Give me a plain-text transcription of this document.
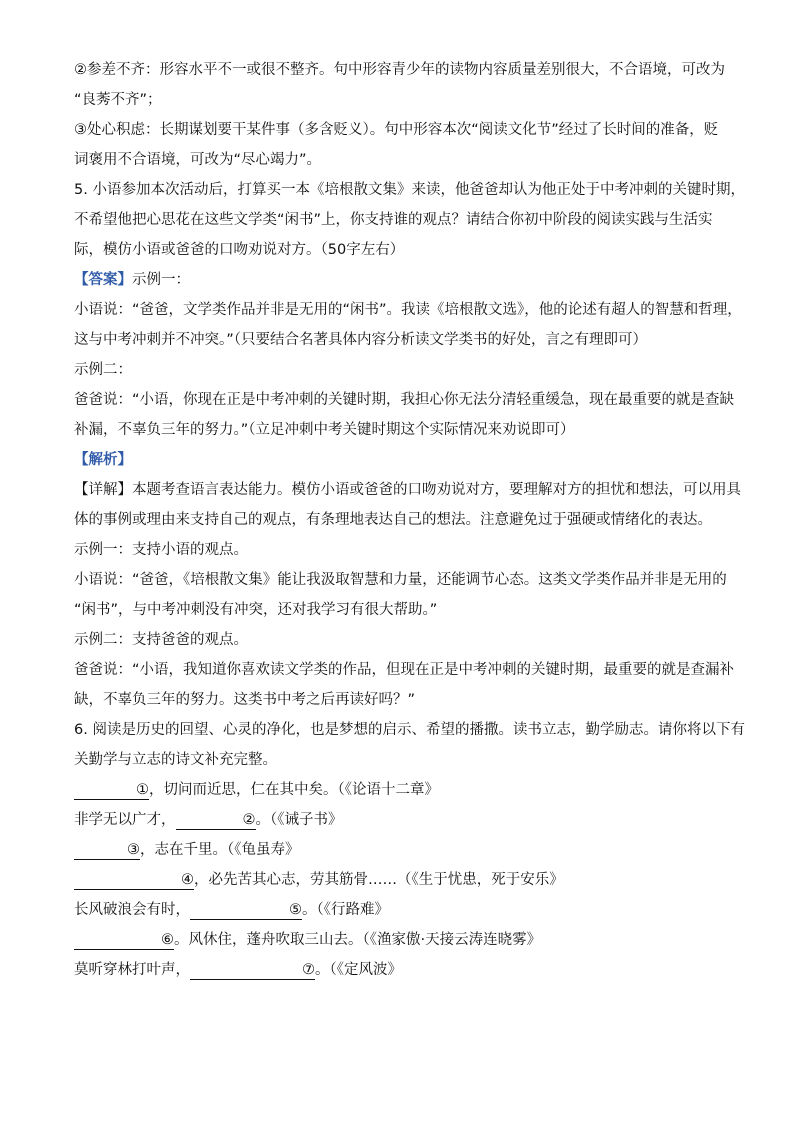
②参差不齐：形容水平不一或很不整齐。句中形容青少年的读物内容质量差别很大，不合语境，可改为
“良莠不齐”；
③处心积虑：长期谋划要干某件事（多含贬义）。句中形容本次“阅读文化节”经过了长时间的准备，贬
词褒用不合语境，可改为“尽心竭力”。
5. 小语参加本次活动后，打算买一本《培根散文集》来读，他爸爸却认为他正处于中考冲刺的关键时期，
不希望他把心思花在这些文学类“闲书”上，你支持谁的观点？请结合你初中阶段的阅读实践与生活实
际，模仿小语或爸爸的口吻劝说对方。（50字左右）
【答案】示例一：
小语说：“爸爸，文学类作品并非是无用的“闲书”。我读《培根散文选》，他的论述有超人的智慧和哲理，
这与中考冲刺并不冲突。”（只要结合名著具体内容分析读文学类书的好处，言之有理即可）
示例二：
爸爸说：“小语，你现在正是中考冲刺的关键时期，我担心你无法分清轻重缓急，现在最重要的就是查缺
补漏，不辜负三年的努力。”（立足冲刺中考关键时期这个实际情况来劝说即可）
【解析】
【详解】本题考查语言表达能力。模仿小语或爸爸的口吻劝说对方，要理解对方的担忧和想法，可以用具
体的事例或理由来支持自己的观点，有条理地表达自己的想法。注意避免过于强硬或情绪化的表达。
示例一：支持小语的观点。
小语说：“爸爸，《培根散文集》能让我汲取智慧和力量，还能调节心态。这类文学类作品并非是无用的
“闲书”，与中考冲刺没有冲突，还对我学习有很大帮助。”
示例二：支持爸爸的观点。
爸爸说：“小语，我知道你喜欢读文学类的作品，但现在正是中考冲刺的关键时期，最重要的就是查漏补
缺，不辜负三年的努力。这类书中考之后再读好吗？”
6. 阅读是历史的回望、心灵的净化，也是梦想的启示、希望的播撒。读书立志，勤学励志。请你将以下有
关勤学与立志的诗文补充完整。
①，切问而近思，仁在其中矣。（《论语十二章》
非学无以广才，	②。（《诫子书》
③，志在千里。（《龟虽寿》
④，必先苦其心志，劳其筋骨……（《生于忧患，死于安乐》
长风破浪会有时，	⑤。（《行路难》
⑥。风休住，蓬舟吹取三山去。（《渔家傲·天接云涛连晓雾》
莫听穿林打叶声，	⑦。（《定风波》
